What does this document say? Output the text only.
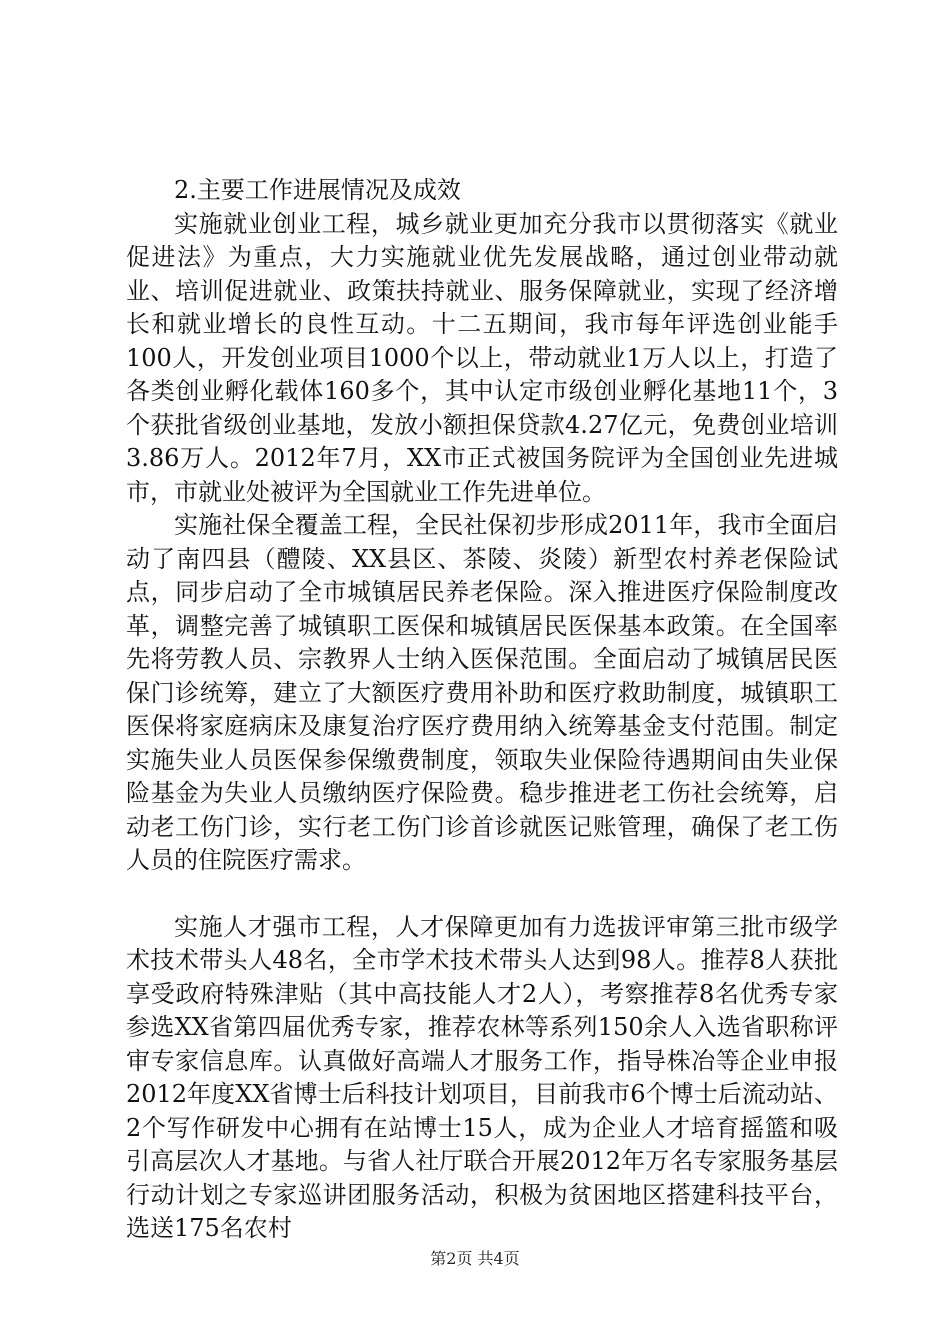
2.主要工作进展情况及成效

实施就业创业工程，城乡就业更加充分我市以贯彻落实《就业促进法》为重点，大力实施就业优先发展战略，通过创业带动就业、培训促进就业、政策扶持就业、服务保障就业，实现了经济增长和就业增长的良性互动。十二五期间，我市每年评选创业能手100人，开发创业项目1000个以上，带动就业1万人以上，打造了各类创业孵化载体160多个，其中认定市级创业孵化基地11个，3个获批省级创业基地，发放小额担保贷款4.27亿元，免费创业培训3.86万人。2012年7月，XX市正式被国务院评为全国创业先进城市，市就业处被评为全国就业工作先进单位。

实施社保全覆盖工程，全民社保初步形成2011年，我市全面启动了南四县（醴陵、XX县区、茶陵、炎陵）新型农村养老保险试点，同步启动了全市城镇居民养老保险。深入推进医疗保险制度改革，调整完善了城镇职工医保和城镇居民医保基本政策。在全国率先将劳教人员、宗教界人士纳入医保范围。全面启动了城镇居民医保门诊统筹，建立了大额医疗费用补助和医疗救助制度，城镇职工医保将家庭病床及康复治疗医疗费用纳入统筹基金支付范围。制定实施失业人员医保参保缴费制度，领取失业保险待遇期间由失业保险基金为失业人员缴纳医疗保险费。稳步推进老工伤社会统筹，启动老工伤门诊，实行老工伤门诊首诊就医记账管理，确保了老工伤人员的住院医疗需求。

实施人才强市工程，人才保障更加有力选拔评审第三批市级学术技术带头人48名，全市学术技术带头人达到98人。推荐8人获批享受政府特殊津贴（其中高技能人才2人），考察推荐8名优秀专家参选XX省第四届优秀专家，推荐农林等系列150余人入选省职称评审专家信息库。认真做好高端人才服务工作，指导株冶等企业申报2012年度XX省博士后科技计划项目，目前我市6个博士后流动站、2个写作研发中心拥有在站博士15人，成为企业人才培育摇篮和吸引高层次人才基地。与省人社厅联合开展2012年万名专家服务基层行动计划之专家巡讲团服务活动，积极为贫困地区搭建科技平台，选送175名农村

第2页 共4页
